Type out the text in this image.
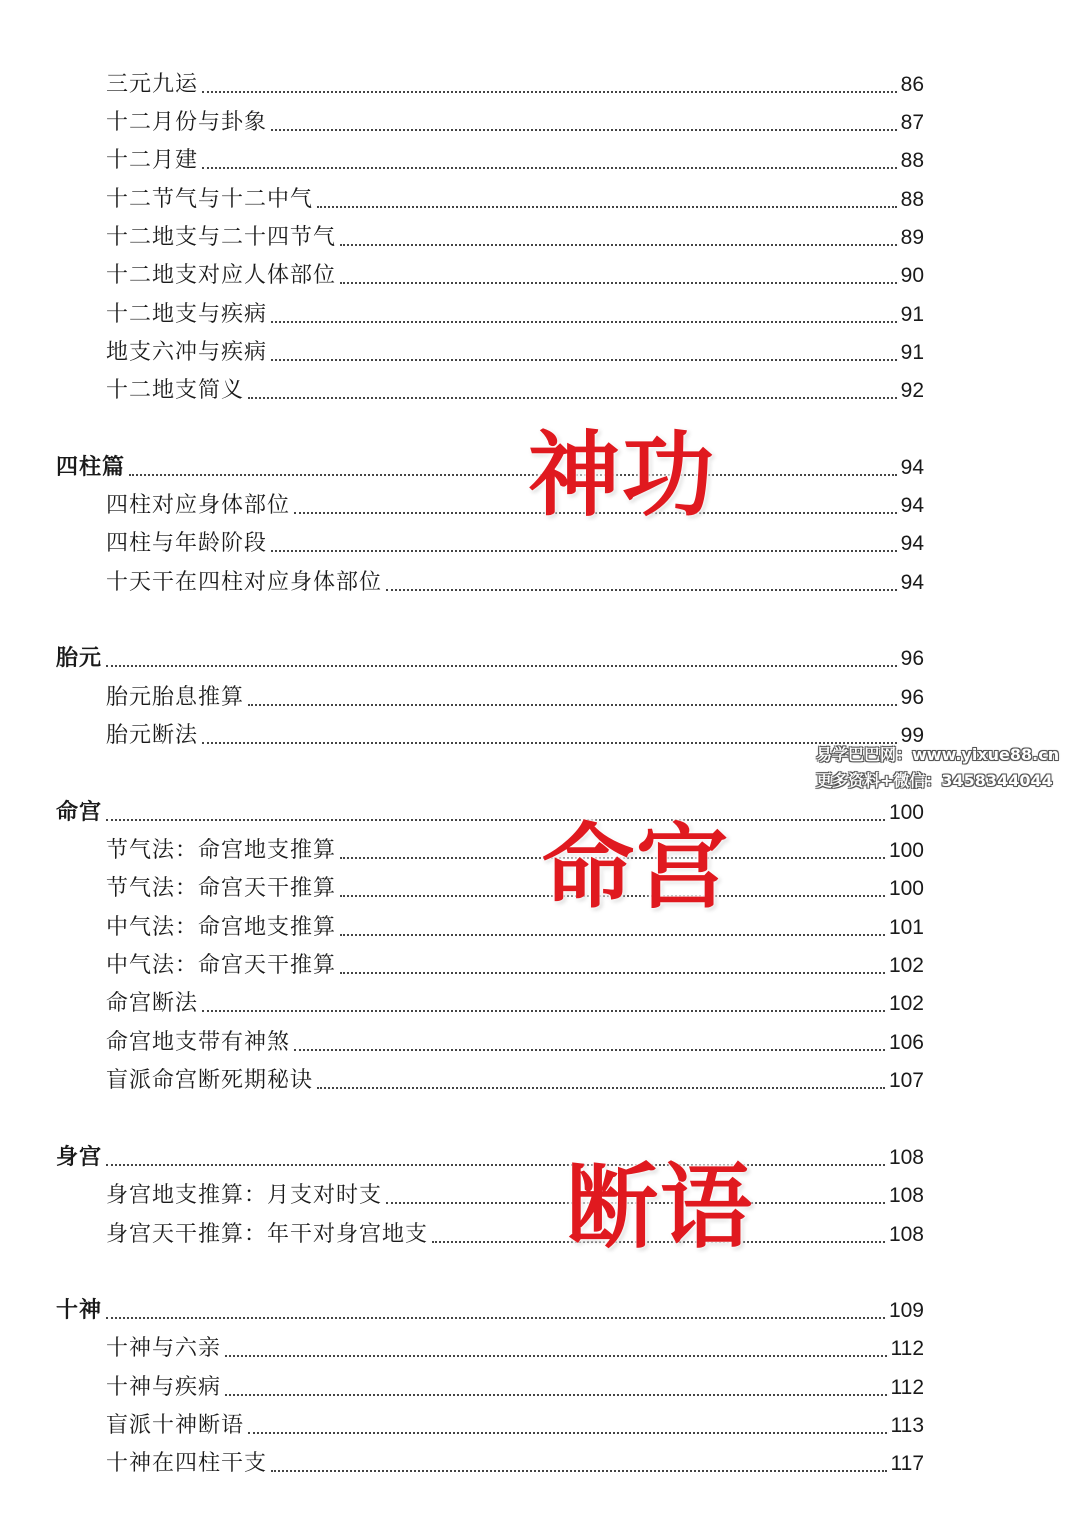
三元九运	86
十二月份与卦象	87
十二月建	88
十二节气与十二中气	88
十二地支与二十四节气	89
十二地支对应人体部位	90
十二地支与疾病	91
地支六冲与疾病	91
十二地支简义	92
四柱篇	94
四柱对应身体部位	94
四柱与年龄阶段	94
十天干在四柱对应身体部位	94
胎元	96
胎元胎息推算	96
胎元断法	99
命宫	100
节气法：命宫地支推算	100
节气法：命宫天干推算	100
中气法：命宫地支推算	101
中气法：命宫天干推算	102
命宫断法	102
命宫地支带有神煞	106
盲派命宫断死期秘诀	107
身宫	108
身宫地支推算：月支对时支	108
身宫天干推算：年干对身宫地支	108
十神	109
十神与六亲	112
十神与疾病	112
盲派十神断语	113
十神在四柱干支	117
神功
命宫
断语
易学巴巴网：www.yixue88.cn
更多资料+微信：3458344044
